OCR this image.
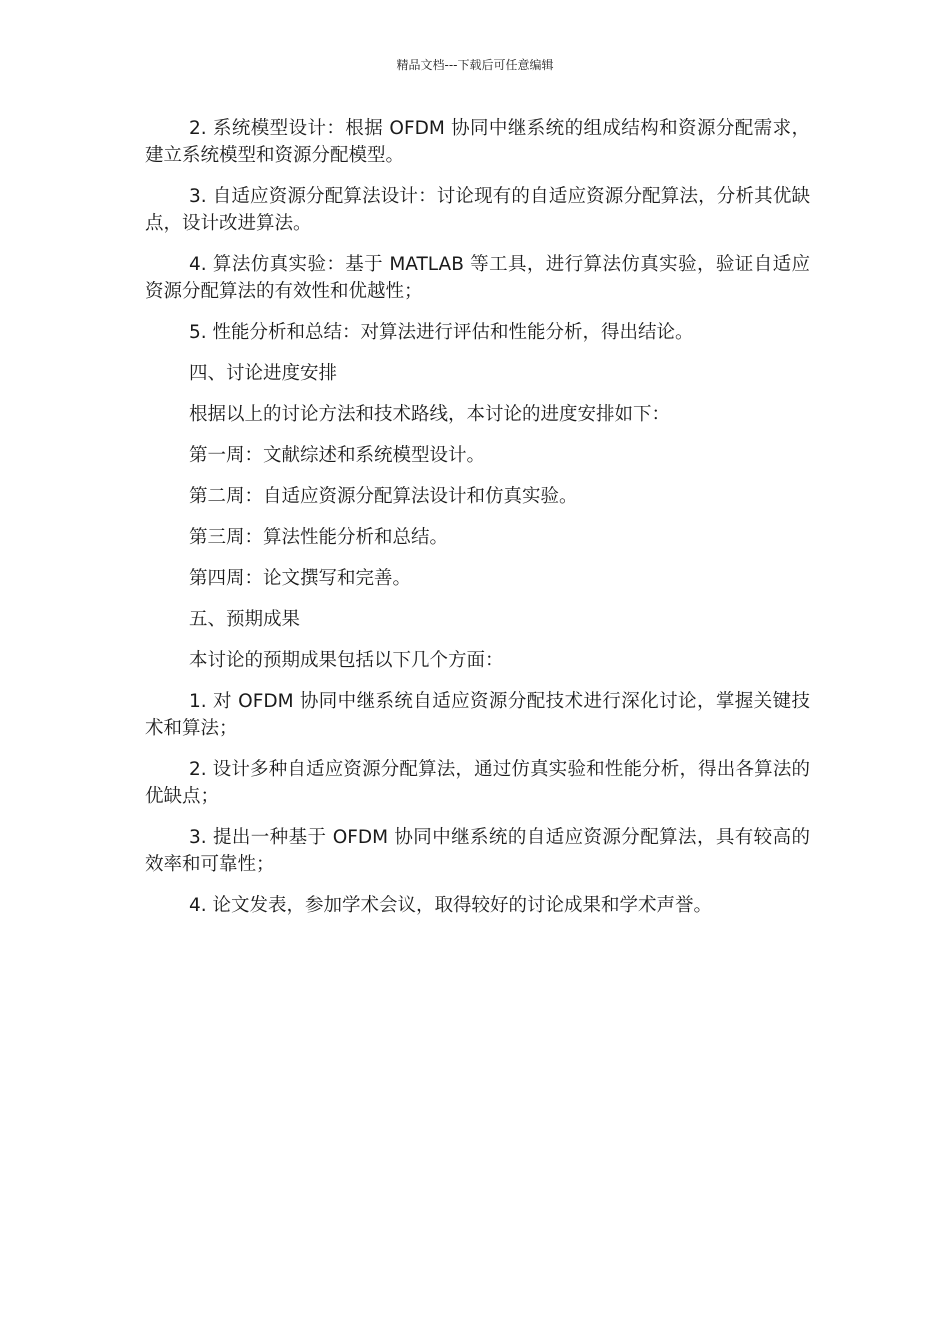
精品文档---下载后可任意编辑

2. 系统模型设计：根据 OFDM 协同中继系统的组成结构和资源分配需求，建立系统模型和资源分配模型。

3. 自适应资源分配算法设计：讨论现有的自适应资源分配算法，分析其优缺点，设计改进算法。

4. 算法仿真实验：基于 MATLAB 等工具，进行算法仿真实验，验证自适应资源分配算法的有效性和优越性；

5. 性能分析和总结：对算法进行评估和性能分析，得出结论。

四、讨论进度安排

根据以上的讨论方法和技术路线，本讨论的进度安排如下：

第一周：文献综述和系统模型设计。

第二周：自适应资源分配算法设计和仿真实验。

第三周：算法性能分析和总结。

第四周：论文撰写和完善。

五、预期成果

本讨论的预期成果包括以下几个方面：

1. 对 OFDM 协同中继系统自适应资源分配技术进行深化讨论，掌握关键技术和算法；

2. 设计多种自适应资源分配算法，通过仿真实验和性能分析，得出各算法的优缺点；

3. 提出一种基于 OFDM 协同中继系统的自适应资源分配算法，具有较高的效率和可靠性；

4. 论文发表，参加学术会议，取得较好的讨论成果和学术声誉。
